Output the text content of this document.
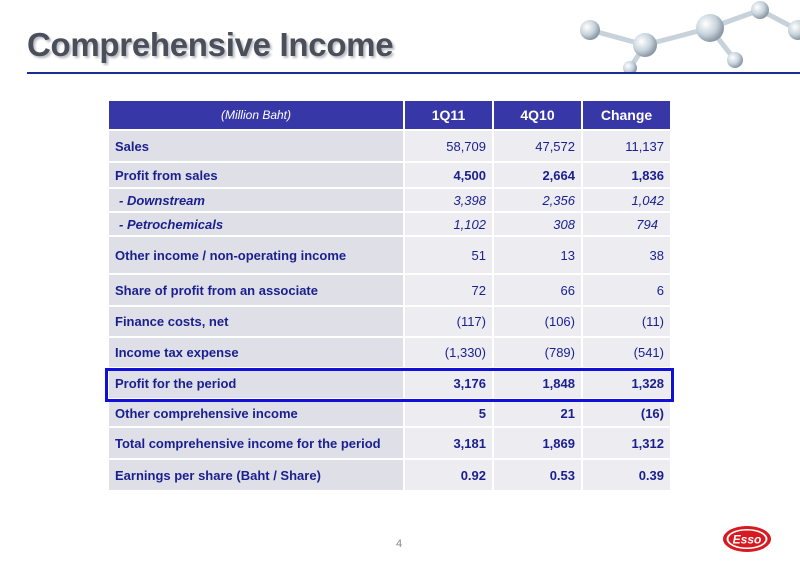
Comprehensive Income
(Million Baht)	1Q11	4Q10	Change
Sales	58,709	47,572	11,137
Profit from sales	4,500	2,664	1,836
- Downstream	3,398	2,356	1,042
- Petrochemicals	1,102	308	794
Other income / non-operating income	51	13	38
Share of profit from an associate	72	66	6
Finance costs, net	(117)	(106)	(11)
Income tax expense	(1,330)	(789)	(541)
Profit for the period	3,176	1,848	1,328
Other comprehensive income	5	21	(16)
Total comprehensive income for the period	3,181	1,869	1,312
Earnings per share (Baht / Share)	0.92	0.53	0.39
4	Esso
